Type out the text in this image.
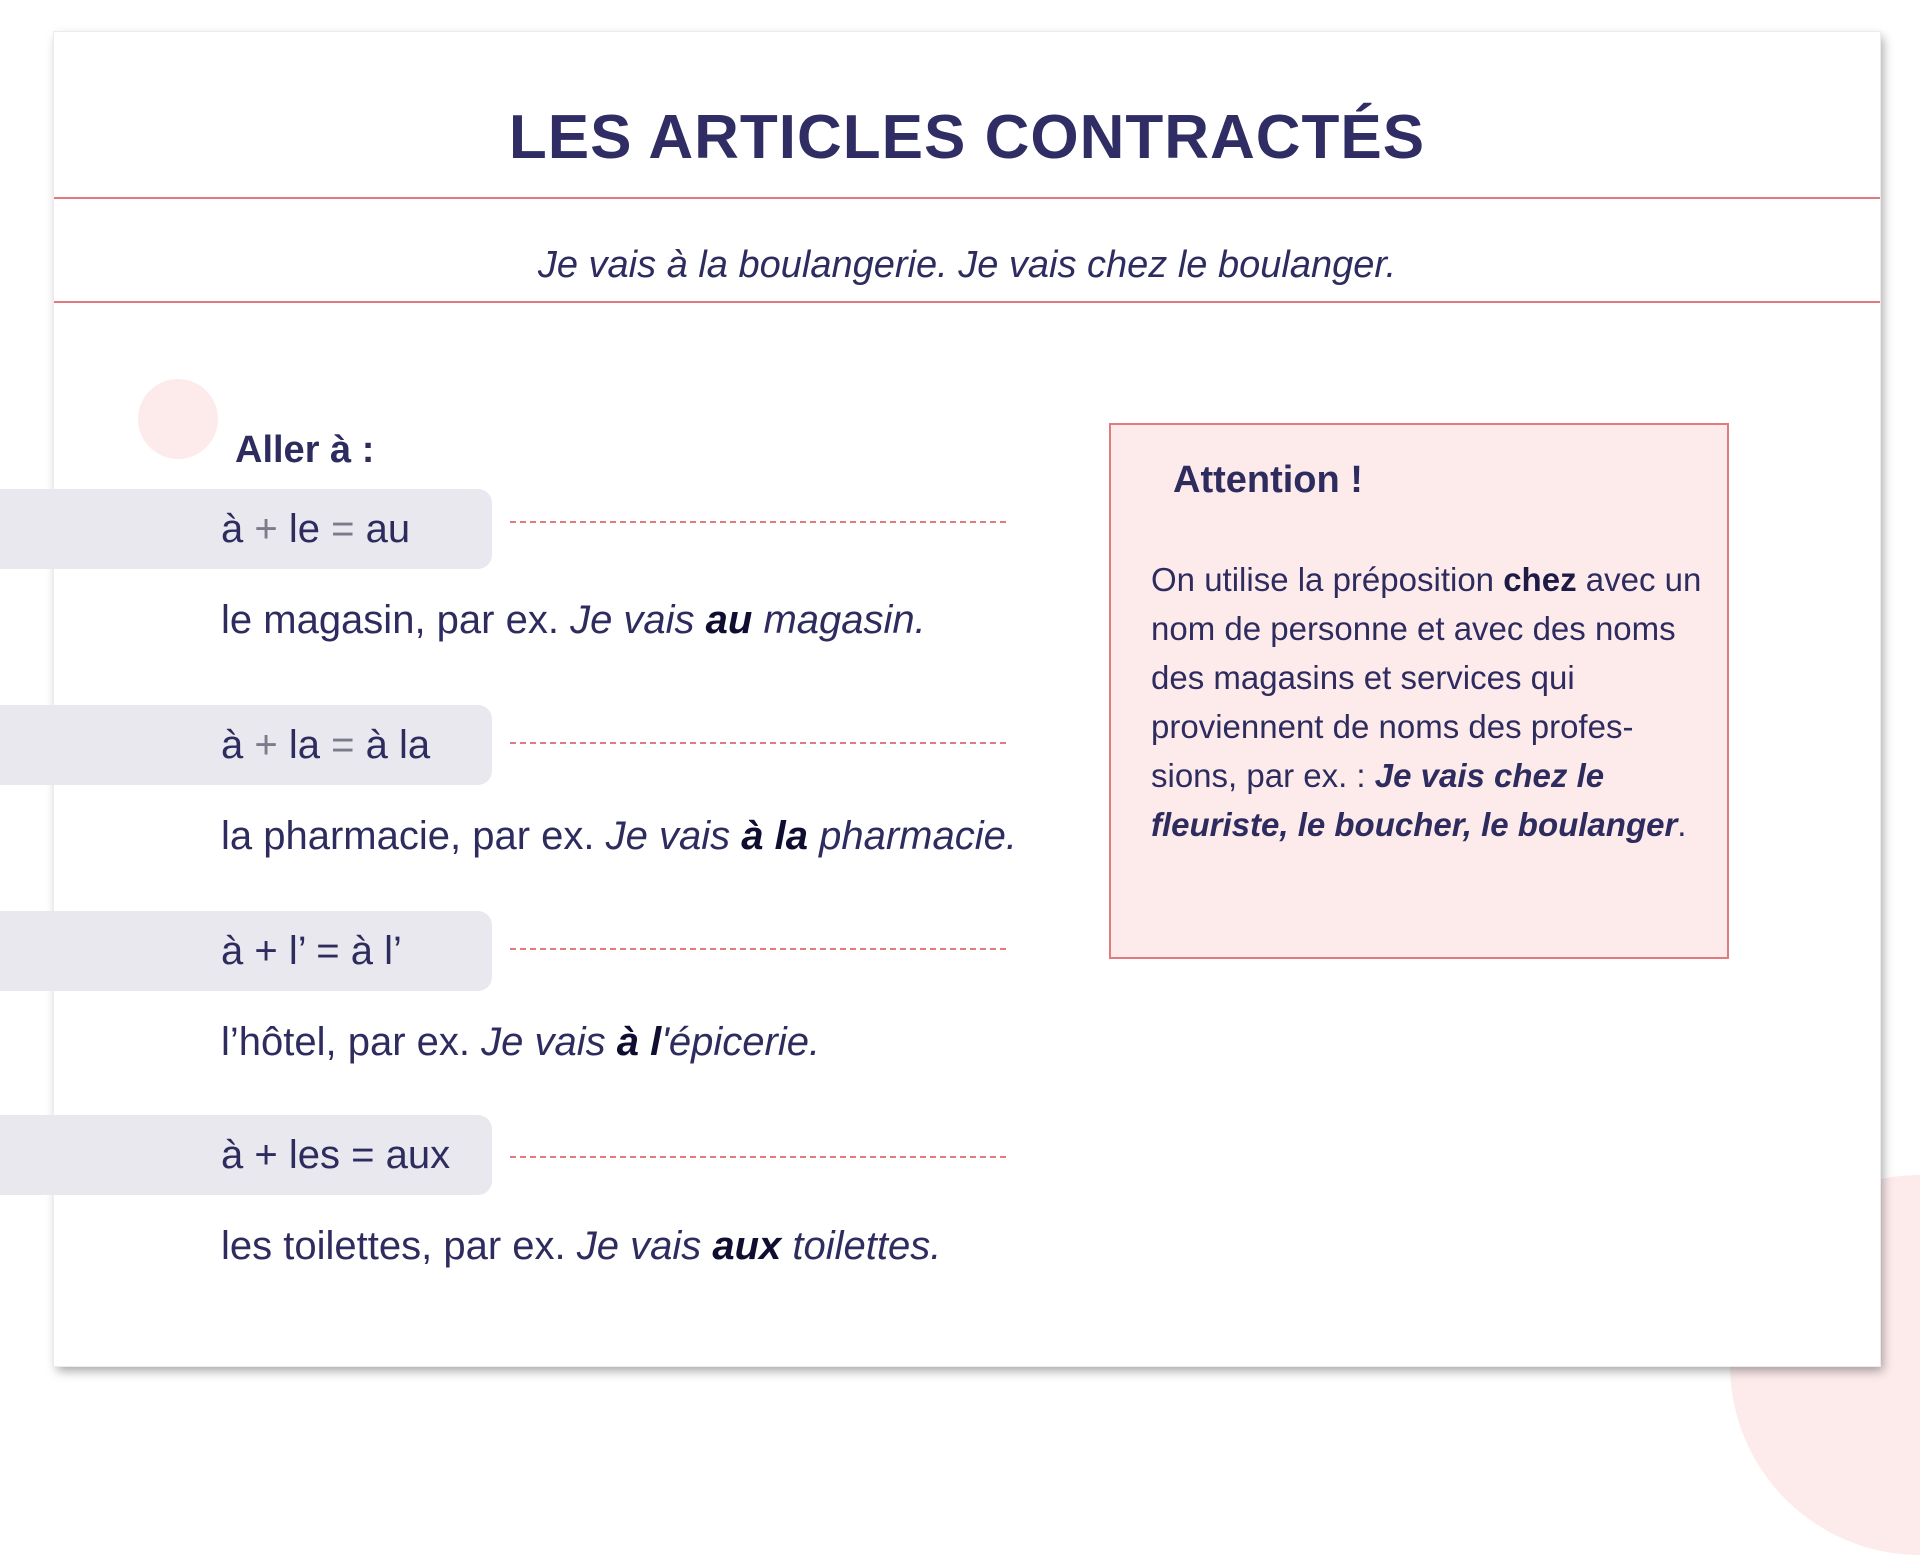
LES ARTICLES CONTRACTÉS
Je vais à la boulangerie. Je vais chez le boulanger.
Aller à :
à + le = au
le magasin, par ex. Je vais au magasin.
à + la = à la
la pharmacie, par ex. Je vais à la pharmacie.
à + l’ = à l’
l’hôtel, par ex. Je vais à l'épicerie.
à + les = aux
les toilettes, par ex. Je vais aux toilettes.
Attention !
On utilise la préposition chez avec un nom de personne et avec des noms des magasins et services qui proviennent de noms des profes-sions, par ex. : Je vais chez le fleuriste, le boucher, le boulanger.
